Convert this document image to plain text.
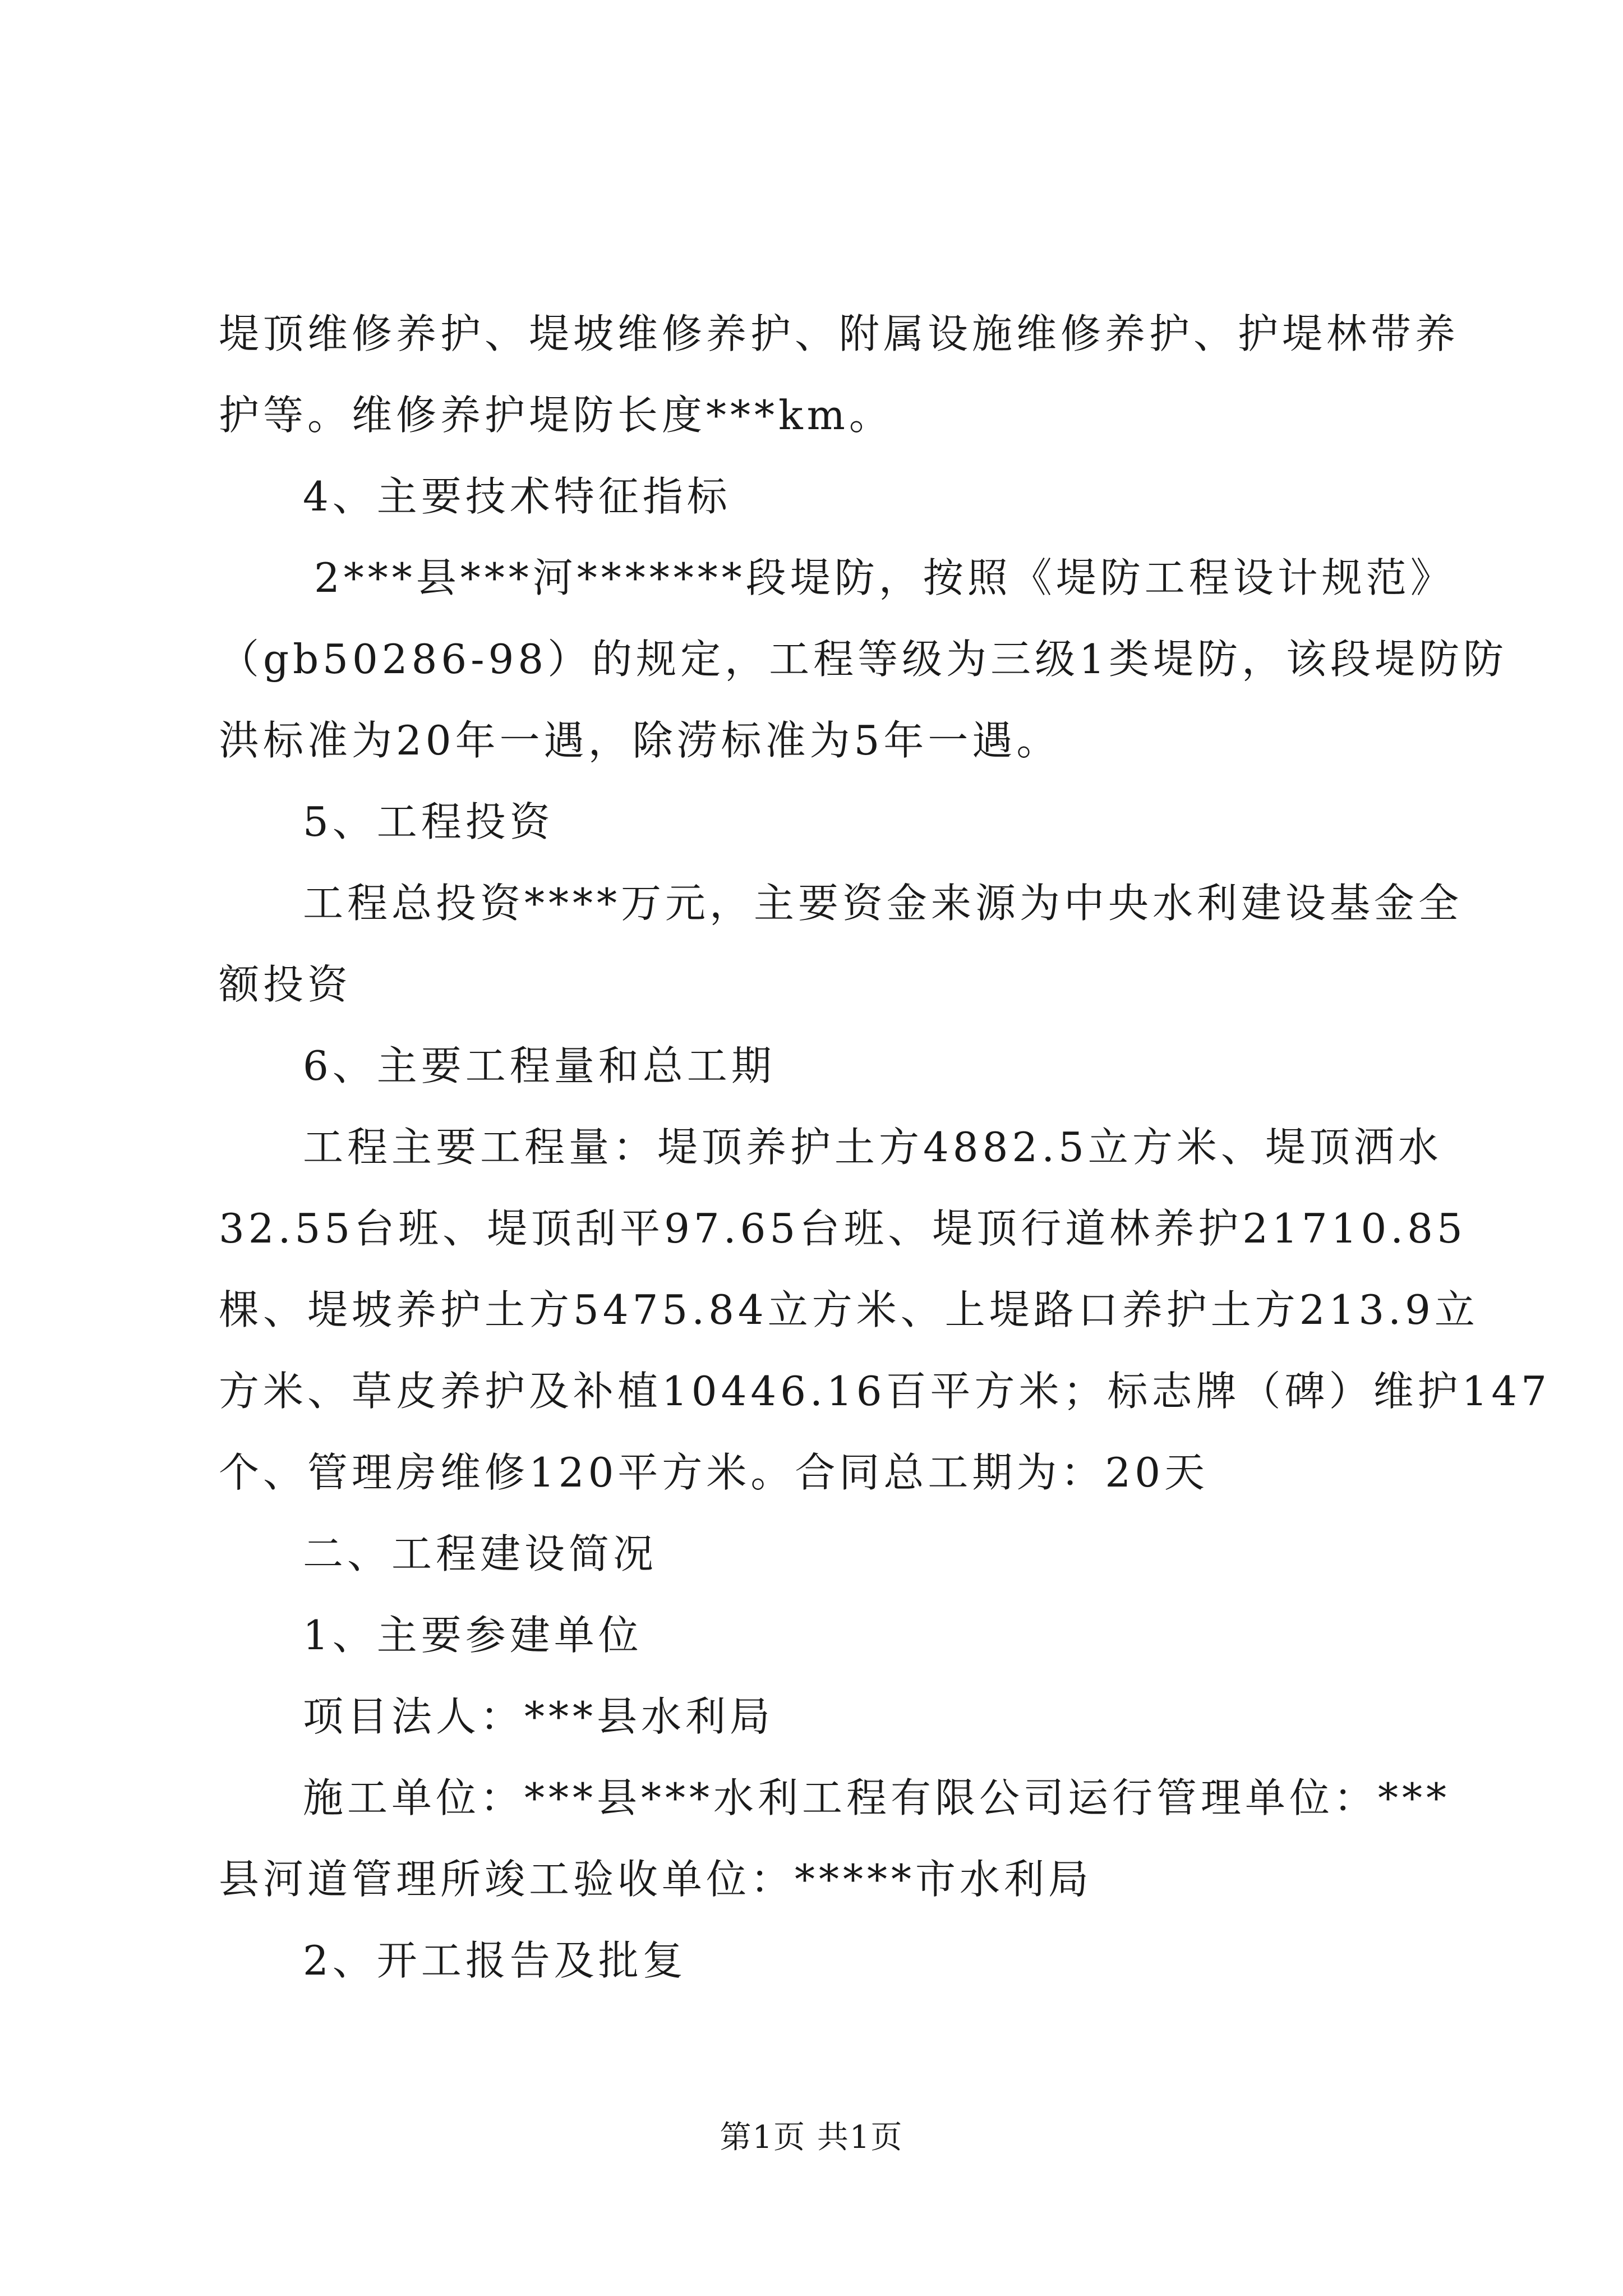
堤顶维修养护、堤坡维修养护、附属设施维修养护、护堤林带养
护等。维修养护堤防长度***km。
4、主要技术特征指标
2***县***河*******段堤防，按照《堤防工程设计规范》
（gb50286-98）的规定，工程等级为三级1类堤防，该段堤防防
洪标准为20年一遇，除涝标准为5年一遇。
5、工程投资
工程总投资****万元，主要资金来源为中央水利建设基金全
额投资
6、主要工程量和总工期
工程主要工程量：堤顶养护土方4882.5立方米、堤顶洒水
32.55台班、堤顶刮平97.65台班、堤顶行道林养护21710.85
棵、堤坡养护土方5475.84立方米、上堤路口养护土方213.9立
方米、草皮养护及补植10446.16百平方米；标志牌（碑）维护147
个、管理房维修120平方米。合同总工期为：20天
二、工程建设简况
1、主要参建单位
项目法人：***县水利局
施工单位：***县***水利工程有限公司运行管理单位：***
县河道管理所竣工验收单位：*****市水利局
2、开工报告及批复
第1页 共1页
